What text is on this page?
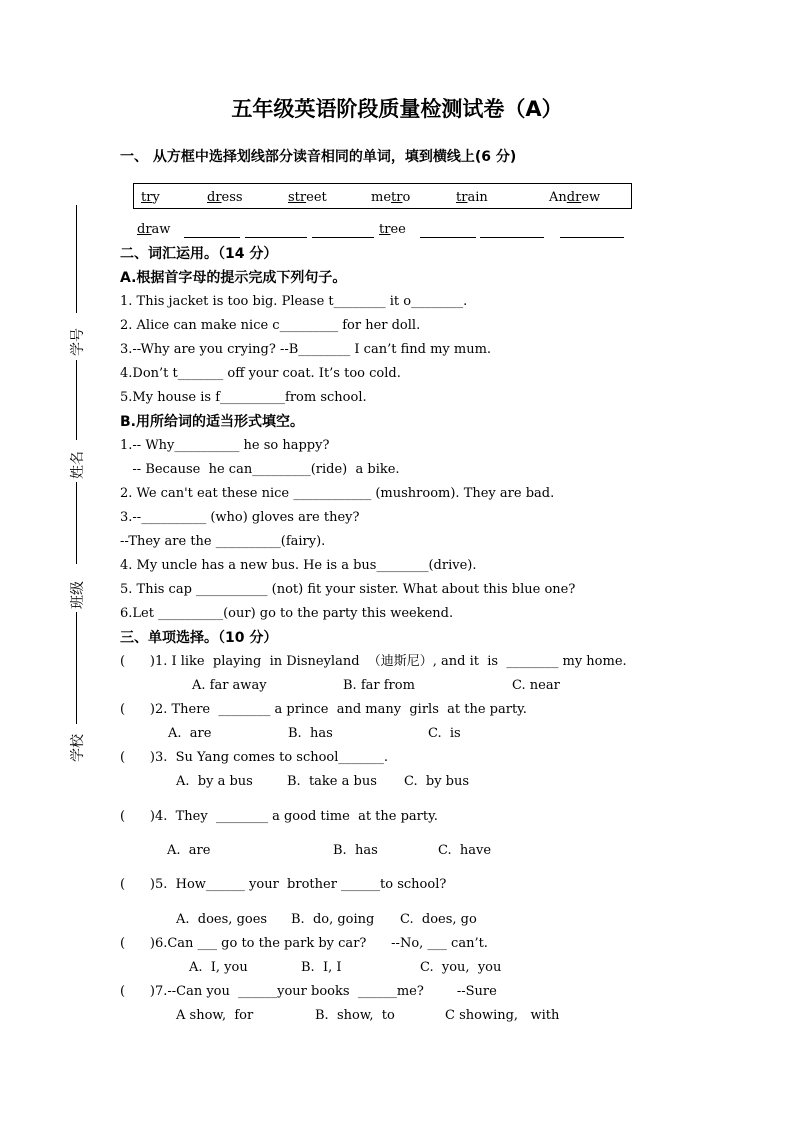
学号
姓名
班级
学校
五年级英语阶段质量检测试卷（A）
一、 从方框中选择划线部分读音相同的单词，填到横线上(6 分)
try	dress	street	metro	train	Andrew
draw	tree
二、词汇运用。（14 分）
A.根据首字母的提示完成下列句子。
1. This jacket is too big. Please t________ it o________.
2. Alice can make nice c_________ for her doll.
3.--Why are you crying? --B________ I can’t find my mum.
4.Don’t t_______ off your coat. It’s too cold.
5.My house is f__________from school.
B.用所给词的适当形式填空。
1.-- Why__________ he so happy?
-- Because  he can_________(ride)  a bike.
2. We can't eat these nice ____________ (mushroom). They are bad.
3.--__________ (who) gloves are they?
--They are the __________(fairy).
4. My uncle has a new bus. He is a bus________(drive).
5. This cap ___________ (not) fit your sister. What about this blue one?
6.Let __________(our) go to the party this weekend.
三、单项选择。（10 分）
(      )1. I like  playing  in Disneyland  （迪斯尼）, and it  is  ________ my home.
A. far away	B. far from	C. near
(      )2. There  ________ a prince  and many  girls  at the party.
A.  are	B.  has	C.  is
(      )3.  Su Yang comes to school_______.
A.  by a bus	B.  take a bus C.  by bus
(      )4.  They  ________ a good time  at the party.
A.  are	B.  has	C.  have
(      )5.  How______ your  brother ______to school?
A.  does, goes B.  do, going C.  does, go
(      )6.Can ___ go to the park by car?      --No, ___ can’t.
A.  I, you	B.  I, I	C.  you,  you
(      )7.--Can you  ______your books  ______me?        --Sure
A show,  for	B.  show,  to	C showing,   with
